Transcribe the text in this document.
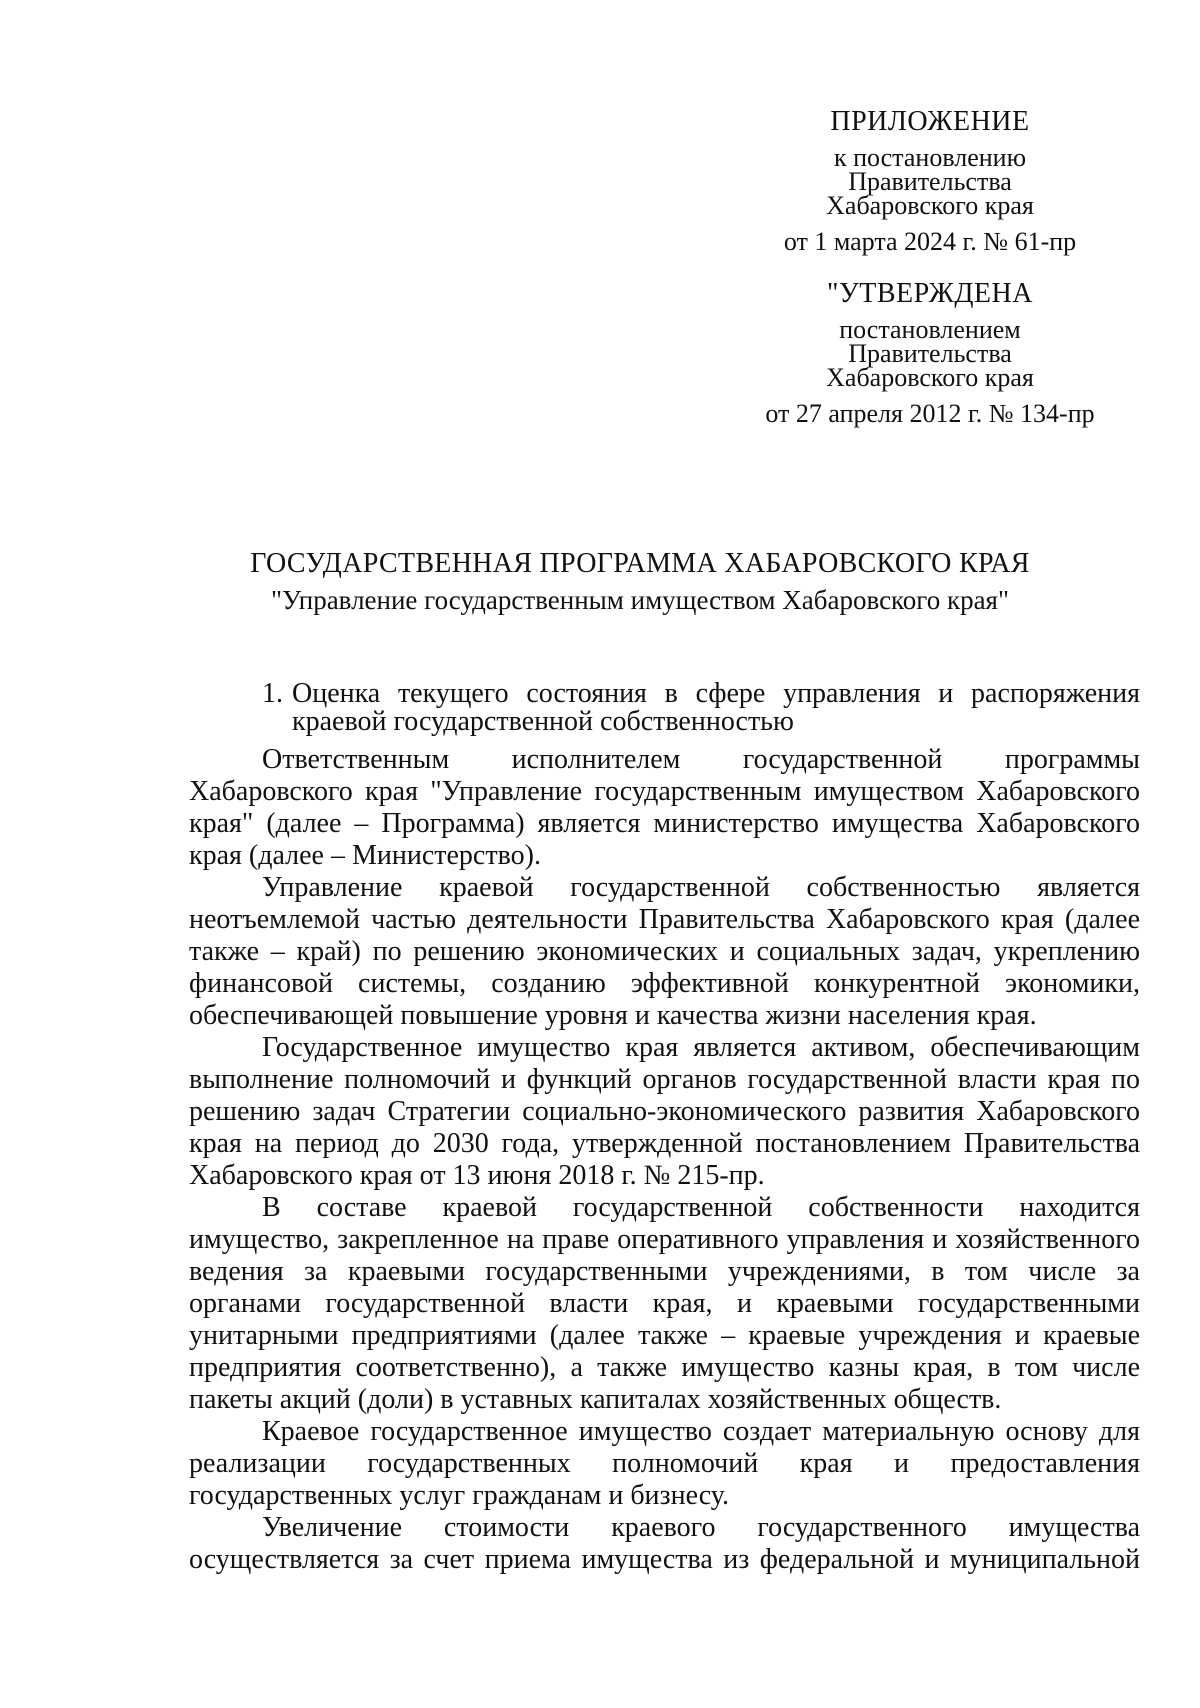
ПРИЛОЖЕНИЕ
к постановлению
Правительства
Хабаровского края
от 1 марта 2024 г. № 61-пр
"УТВЕРЖДЕНА
постановлением
Правительства
Хабаровского края
от 27 апреля 2012 г. № 134-пр
ГОСУДАРСТВЕННАЯ ПРОГРАММА ХАБАРОВСКОГО КРАЯ
"Управление государственным имуществом Хабаровского края"
1. Оценка текущего состояния в сфере управления и распоряжения краевой государственной собственностью

Ответственным исполнителем государственной программы Хабаровского края "Управление государственным имуществом Хабаровского края" (далее – Программа) является министерство имущества Хабаровского края (далее – Министерство).

Управление краевой государственной собственностью является неотъемлемой частью деятельности Правительства Хабаровского края (далее также – край) по решению экономических и социальных задач, укреплению финансовой системы, созданию эффективной конкурентной экономики, обеспечивающей повышение уровня и качества жизни населения края.

Государственное имущество края является активом, обеспечивающим выполнение полномочий и функций органов государственной власти края по решению задач Стратегии социально-экономического развития Хабаровского края на период до 2030 года, утвержденной постановлением Правительства Хабаровского края от 13 июня 2018 г. № 215-пр.

В составе краевой государственной собственности находится имущество, закрепленное на праве оперативного управления и хозяйственного ведения за краевыми государственными учреждениями, в том числе за органами государственной власти края, и краевыми государственными унитарными предприятиями (далее также – краевые учреждения и краевые предприятия соответственно), а также имущество казны края, в том числе пакеты акций (доли) в уставных капиталах хозяйственных обществ.

Краевое государственное имущество создает материальную основу для реализации государственных полномочий края и предоставления государственных услуг гражданам и бизнесу.

Увеличение стоимости краевого государственного имущества осуществляется за счет приема имущества из федеральной и муниципальной
